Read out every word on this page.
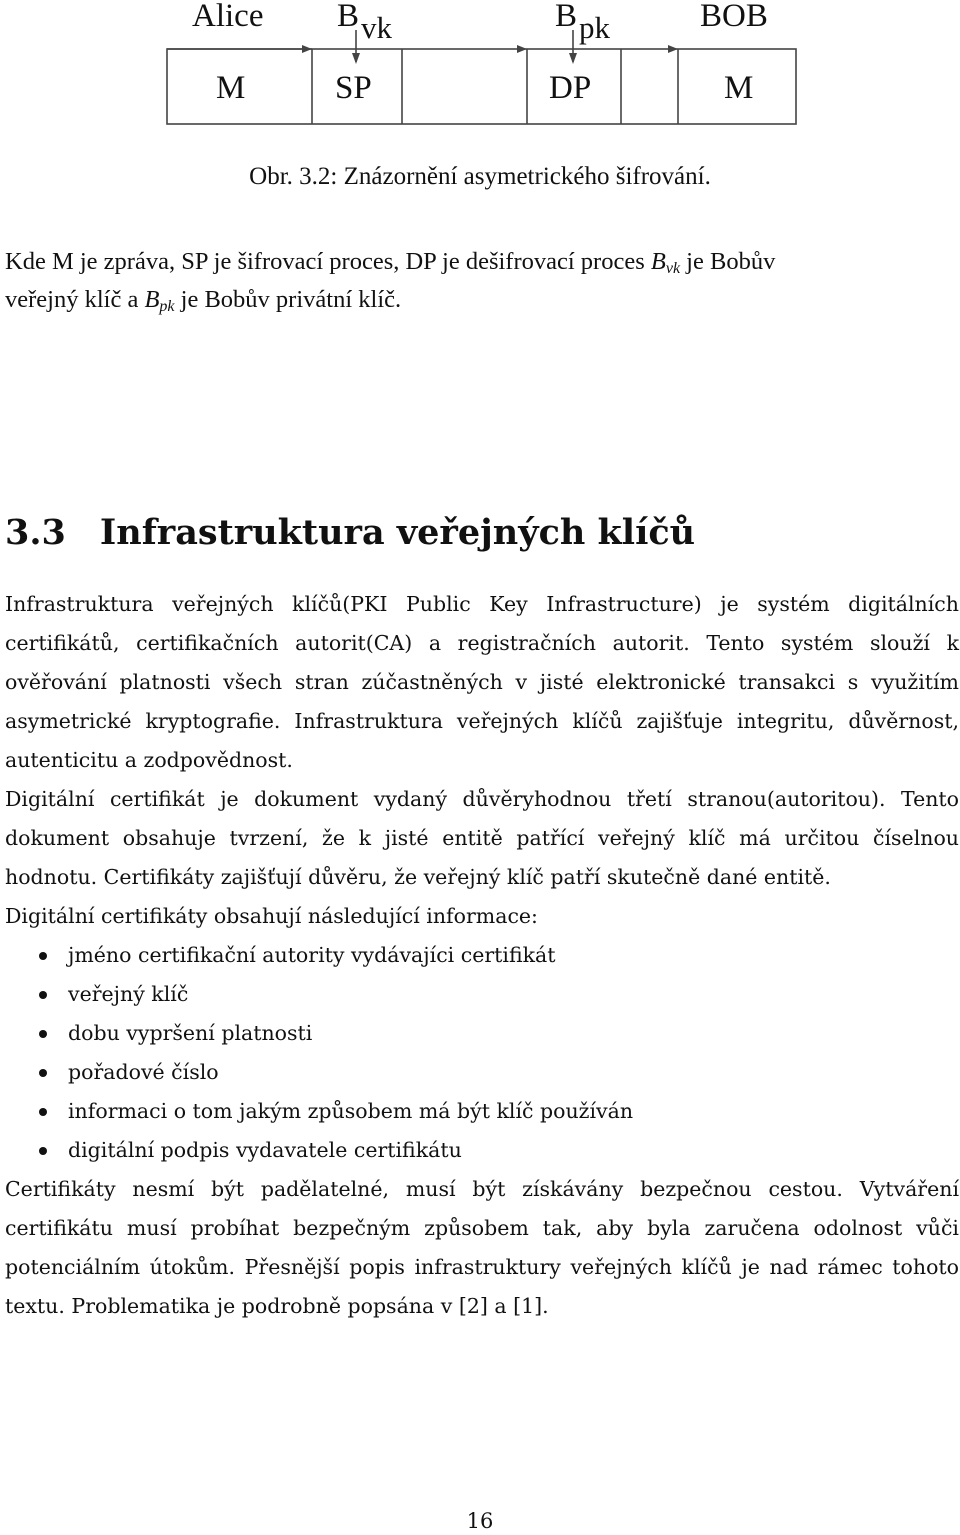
Alice Bvk	Bpk	BOB
M	SP	DP	M
Obr. 3.2: Znázornění asymetrického šifrování.
Kde M je zpráva, SP je šifrovací proces, DP je dešifrovací proces $B_{vk}$ je Bobův
veřejný klíč a $B_{pk}$ je Bobův privátní klíč.
3.3 Infrastruktura veřejných klíčů

Infrastruktura veřejných klíčů(PKI Public Key Infrastructure) je systém digitálních certifikátů, certifikačních autorit(CA) a registračních autorit. Tento systém slouží k ověřování platnosti všech stran zúčastněných v jisté elektronické transakci s využitím asymetrické kryptografie. Infrastruktura veřejných klíčů zajišťuje integritu, důvěrnost, autenticitu a zodpovědnost.

Digitální certifikát je dokument vydaný důvěryhodnou třetí stranou(autoritou). Tento dokument obsahuje tvrzení, že k jisté entitě patřící veřejný klíč má určitou číselnou hodnotu. Certifikáty zajišťují důvěru, že veřejný klíč patří skutečně dané entitě.

Digitální certifikáty obsahují následující informace:

jméno certifikační autority vydávajíci certifikát
veřejný klíč
dobu vypršení platnosti
pořadové číslo
informaci o tom jakým způsobem má být klíč používán
digitální podpis vydavatele certifikátu

Certifikáty nesmí být padělatelné, musí být získávány bezpečnou cestou. Vytváření certifikátu musí probíhat bezpečným způsobem tak, aby byla zaručena odolnost vůči potenciálním útokům. Přesnější popis infrastruktury veřejných klíčů je nad rámec tohoto textu. Problematika je podrobně popsána v [2] a [1].

16
